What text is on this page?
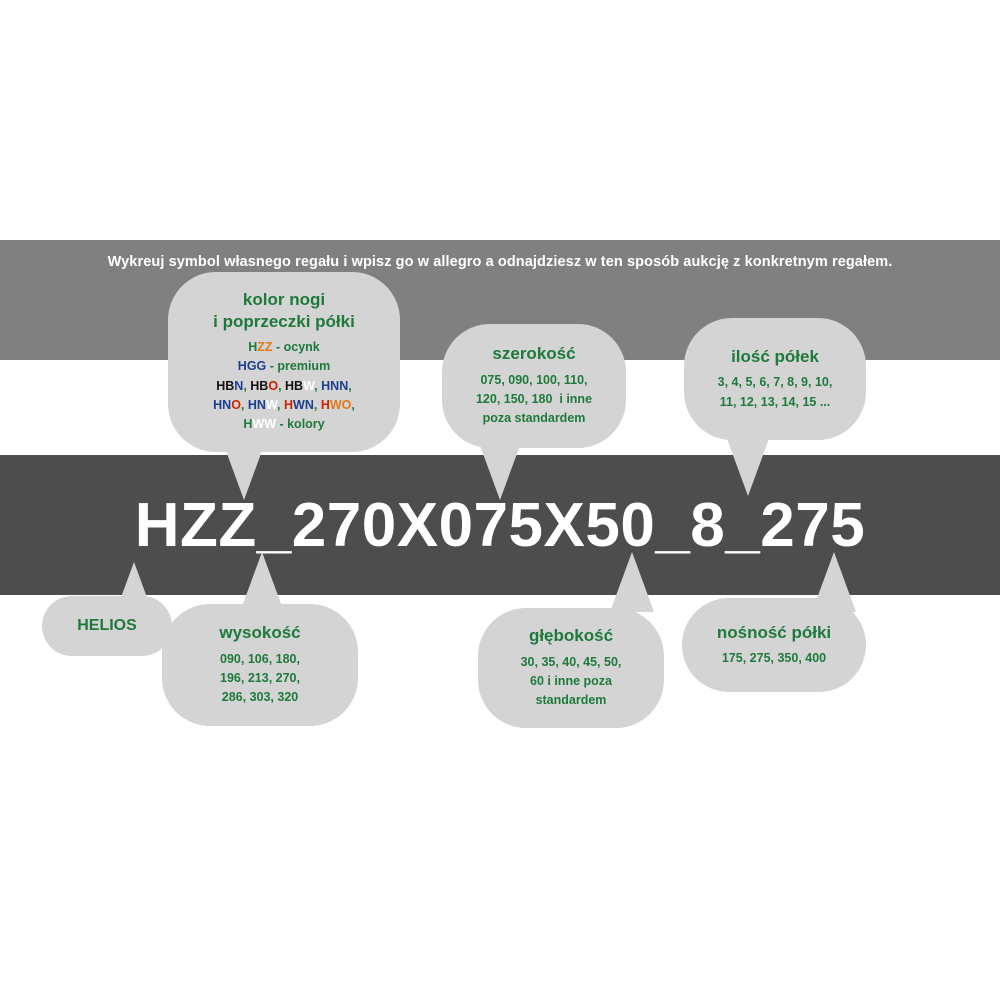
Wykreuj symbol własnego regału i wpisz go w allegro a odnajdziesz w ten sposób aukcję z konkretnym regałem.
HZZ_270X075X50_8_275
kolor nogi
i poprzeczki półki
HZZ - ocynk
HGG - premium
HBN, HBO, HBW, HNN,
HNO, HNW, HWN, HWO,
HWW - kolory
szerokość
075, 090, 100, 110,
120, 150, 180  i inne
poza standardem
ilość półek
3, 4, 5, 6, 7, 8, 9, 10,
11, 12, 13, 14, 15 ...
HELIOS	wysokość
090, 106, 180,
196, 213, 270,
286, 303, 320
głębokość
30, 35, 40, 45, 50,
60 i inne poza
standardem
nośność półki
175, 275, 350, 400
